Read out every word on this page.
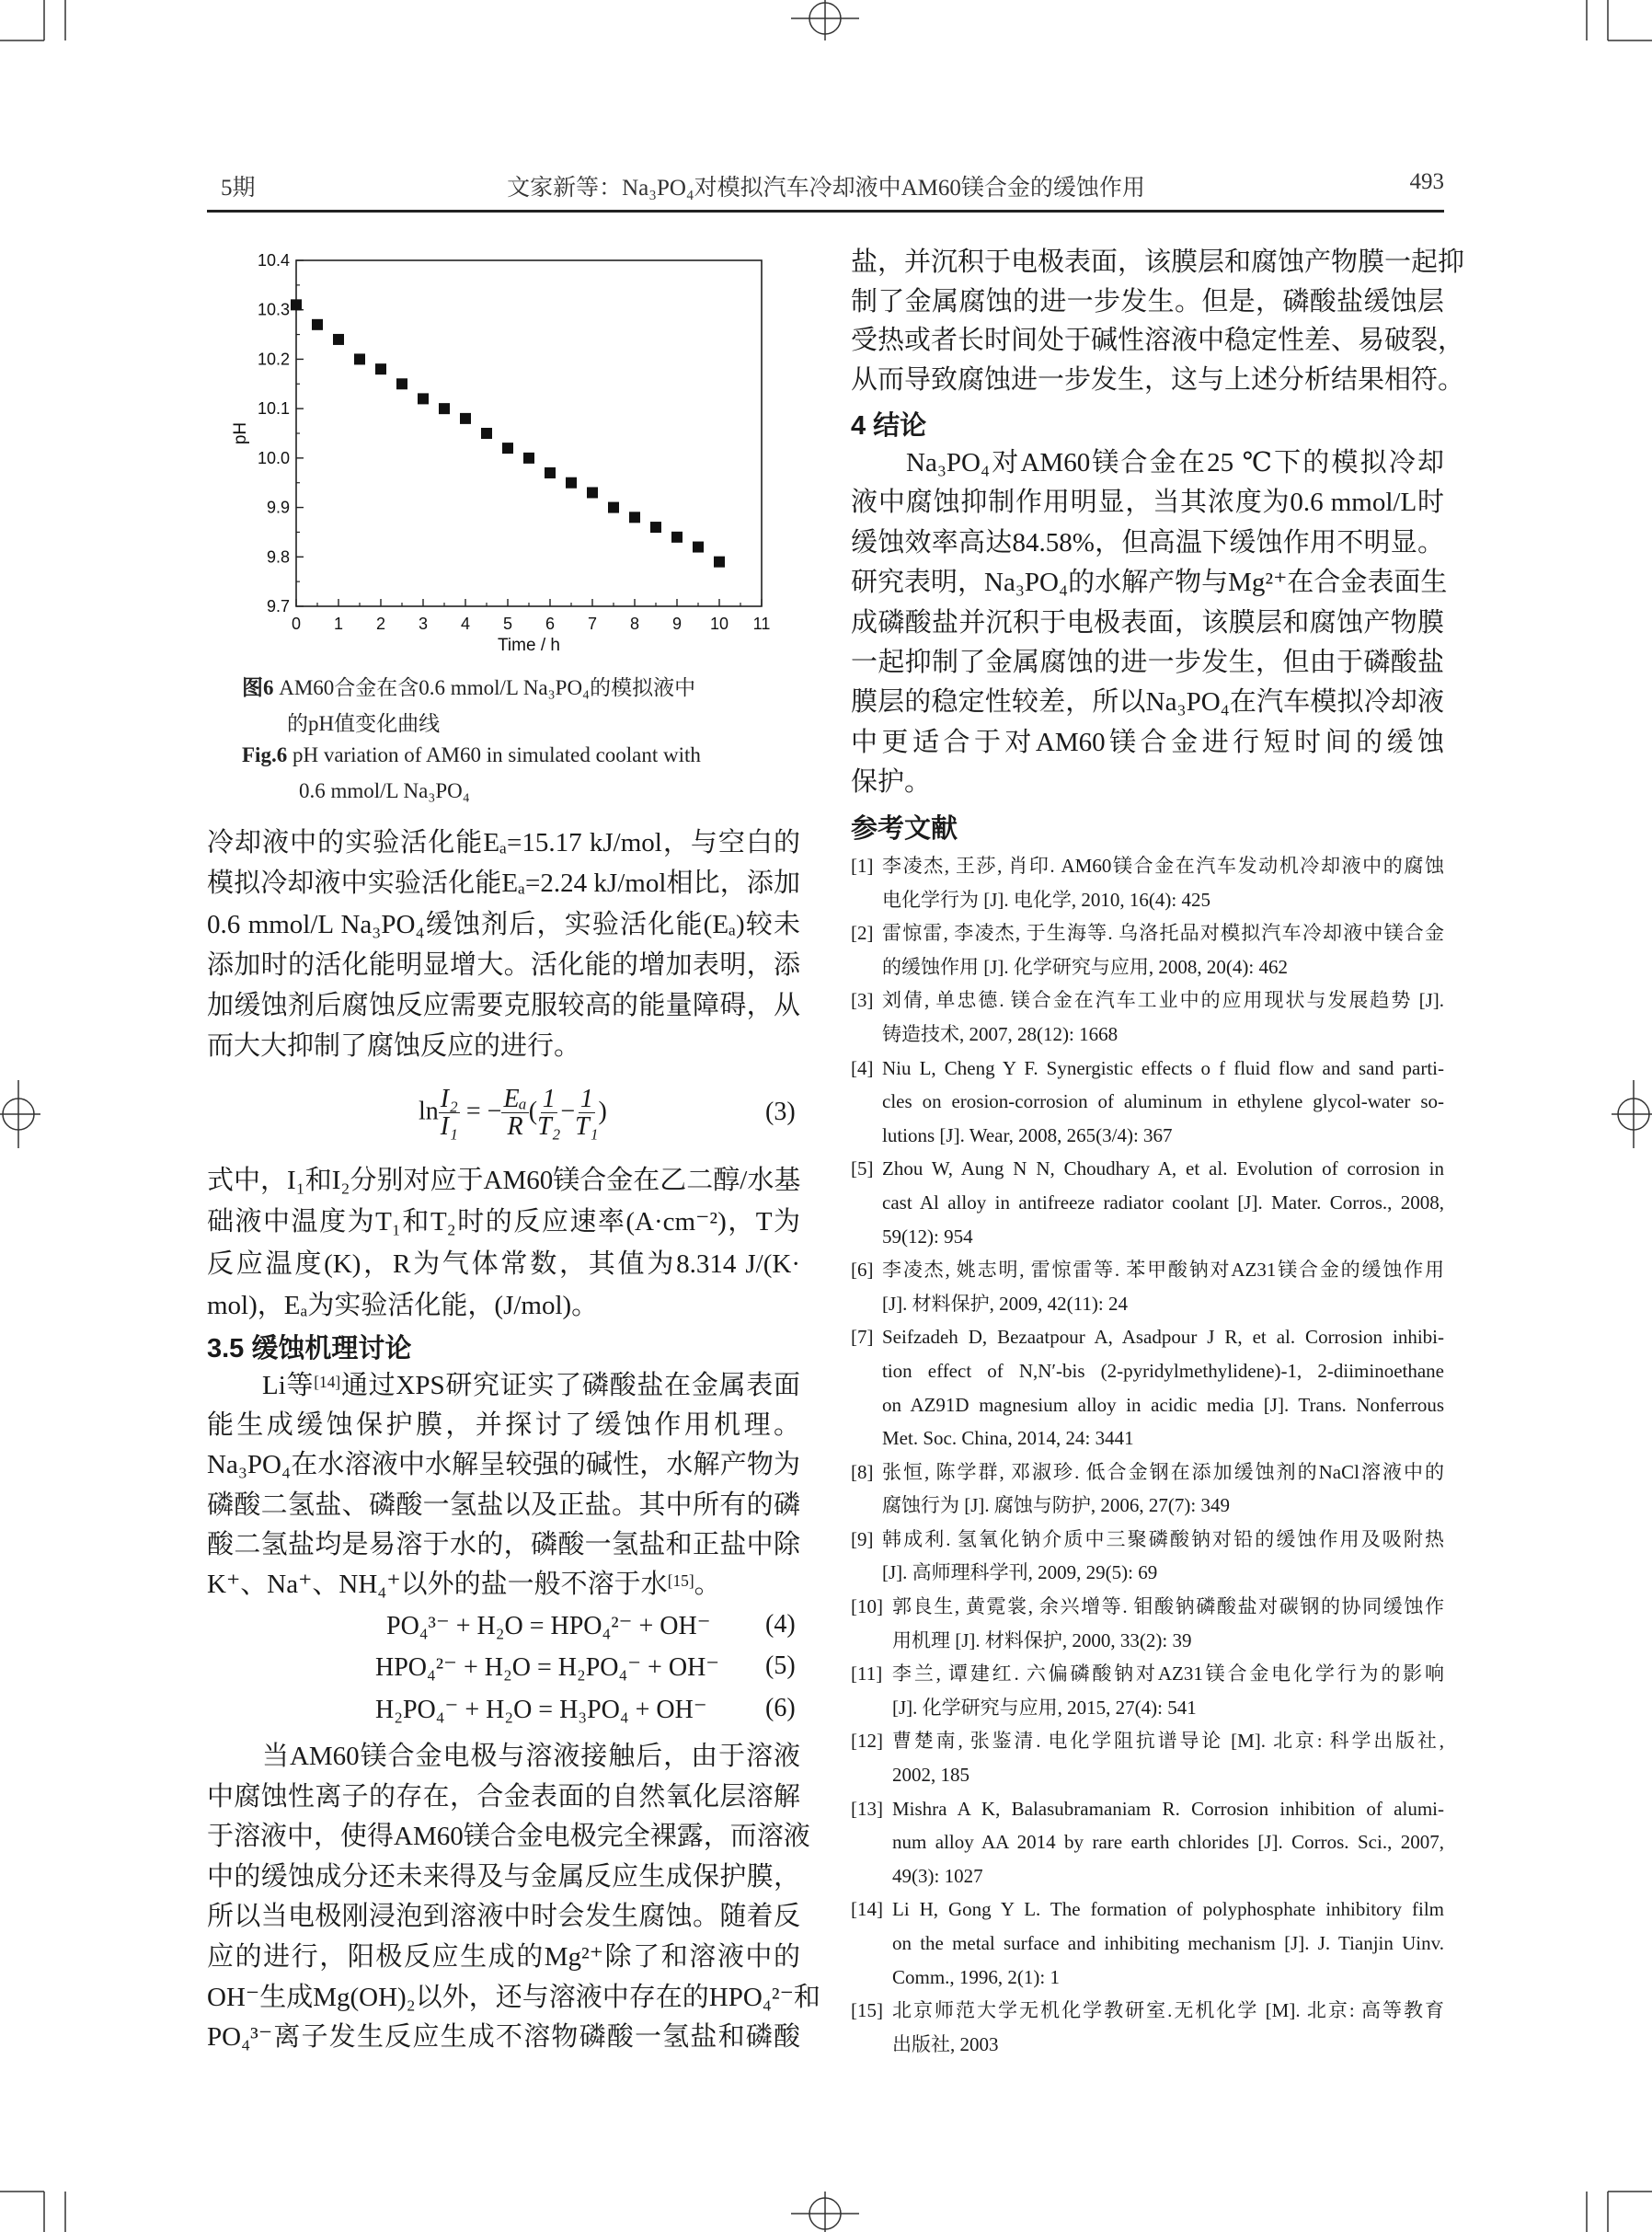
5期	文家新等：Na₃PO₄对模拟汽车冷却液中AM60镁合金的缓蚀作用	493
0 1 2 3 4 5 6 7 8 9 10 11
9.7
9.8
9.9
10.0
10.1
10.2
10.3
10.4
Time / h
pH
图6 AM60合金在含0.6 mmol/L Na₃PO₄的模拟液中
的pH值变化曲线
Fig.6 pH variation of AM60 in simulated coolant with
0.6 mmol/L Na₃PO₄
冷却液中的实验活化能Eₐ=15.17 kJ/mol，与空白的
模拟冷却液中实验活化能Eₐ=2.24 kJ/mol相比，添加
0.6 mmol/L Na₃PO₄缓蚀剂后，实验活化能(Eₐ)较未
添加时的活化能明显增大。活化能的增加表明，添
加缓蚀剂后腐蚀反应需要克服较高的能量障碍，从
而大大抑制了腐蚀反应的进行。
$\ln \frac{\text{I₂}}{\text{I₁}}$ = − $\frac{\text{Eₐ}}{R}$ ( $\frac{1}{\text{T₂}} - \frac{1}{\text{T₁}}$ )	(3)
式中，I₁和I₂分别对应于AM60镁合金在乙二醇/水基
础液中温度为T₁和T₂时的反应速率(A·cm⁻²)，T为
反应温度(K)，R为气体常数，其值为8.314 J/(K·
mol)，Eₐ为实验活化能，(J/mol)。
3.5 缓蚀机理讨论
Li等[14]通过XPS研究证实了磷酸盐在金属表面
能生成缓蚀保护膜，并探讨了缓蚀作用机理。
Na₃PO₄在水溶液中水解呈较强的碱性，水解产物为
磷酸二氢盐、磷酸一氢盐以及正盐。其中所有的磷
酸二氢盐均是易溶于水的，磷酸一氢盐和正盐中除
K⁺、Na⁺、NH₄⁺以外的盐一般不溶于水[15]。
PO₄³⁻ + H₂O = HPO₄²⁻ + OH⁻ (4)
HPO₄²⁻ + H₂O = H₂PO₄⁻ + OH⁻ (5)
H₂PO₄⁻ + H₂O = H₃PO₄ + OH⁻ (6)
当AM60镁合金电极与溶液接触后，由于溶液
中腐蚀性离子的存在，合金表面的自然氧化层溶解
于溶液中，使得AM60镁合金电极完全裸露，而溶液
中的缓蚀成分还未来得及与金属反应生成保护膜，
所以当电极刚浸泡到溶液中时会发生腐蚀。随着反
应的进行，阳极反应生成的Mg²⁺除了和溶液中的
OH⁻生成Mg(OH)₂以外，还与溶液中存在的HPO₄²⁻和
PO₄³⁻离子发生反应生成不溶物磷酸一氢盐和磷酸
盐，并沉积于电极表面，该膜层和腐蚀产物膜一起抑
制了金属腐蚀的进一步发生。但是，磷酸盐缓蚀层
受热或者长时间处于碱性溶液中稳定性差、易破裂，
从而导致腐蚀进一步发生，这与上述分析结果相符。
4 结论
Na₃PO₄对AM60镁合金在25 ℃下的模拟冷却
液中腐蚀抑制作用明显，当其浓度为0.6 mmol/L时
缓蚀效率高达84.58%，但高温下缓蚀作用不明显。
研究表明，Na₃PO₄的水解产物与Mg²⁺在合金表面生
成磷酸盐并沉积于电极表面，该膜层和腐蚀产物膜
一起抑制了金属腐蚀的进一步发生，但由于磷酸盐
膜层的稳定性较差，所以Na₃PO₄在汽车模拟冷却液
中更适合于对AM60镁合金进行短时间的缓蚀
保护。
参考文献
[1] 李凌杰, 王莎, 肖印. AM60镁合金在汽车发动机冷却液中的腐蚀
电化学行为 [J]. 电化学, 2010, 16(4): 425
[2] 雷惊雷, 李凌杰, 于生海等. 乌洛托品对模拟汽车冷却液中镁合金
的缓蚀作用 [J]. 化学研究与应用, 2008, 20(4): 462
[3] 刘倩, 单忠德. 镁合金在汽车工业中的应用现状与发展趋势 [J].
铸造技术, 2007, 28(12): 1668
[4] Niu L, Cheng Y F. Synergistic effects o f fluid flow and sand parti-
cles on erosion-corrosion of aluminum in ethylene glycol-water so-
lutions [J]. Wear, 2008, 265(3/4): 367
[5] Zhou W, Aung N N, Choudhary A, et al. Evolution of corrosion in
cast Al alloy in antifreeze radiator coolant [J]. Mater. Corros., 2008,
59(12): 954
[6] 李凌杰, 姚志明, 雷惊雷等. 苯甲酸钠对AZ31镁合金的缓蚀作用
[J]. 材料保护, 2009, 42(11): 24
[7] Seifzadeh D, Bezaatpour A, Asadpour J R, et al. Corrosion inhibi-
tion effect of N,N′-bis (2-pyridylmethylidene)-1, 2-diiminoethane
on AZ91D magnesium alloy in acidic media [J]. Trans. Nonferrous
Met. Soc. China, 2014, 24: 3441
[8] 张恒, 陈学群, 邓淑珍. 低合金钢在添加缓蚀剂的NaCl溶液中的
腐蚀行为 [J]. 腐蚀与防护, 2006, 27(7): 349
[9] 韩成利. 氢氧化钠介质中三聚磷酸钠对铅的缓蚀作用及吸附热
[J]. 高师理科学刊, 2009, 29(5): 69
[10] 郭良生, 黄霓裳, 余兴增等. 钼酸钠磷酸盐对碳钢的协同缓蚀作
用机理 [J]. 材料保护, 2000, 33(2): 39
[11] 李兰, 谭建红. 六偏磷酸钠对AZ31镁合金电化学行为的影响
[J]. 化学研究与应用, 2015, 27(4): 541
[12] 曹楚南, 张鉴清. 电化学阻抗谱导论 [M]. 北京: 科学出版社,
2002, 185
[13] Mishra A K, Balasubramaniam R. Corrosion inhibition of alumi-
num alloy AA 2014 by rare earth chlorides [J]. Corros. Sci., 2007,
49(3): 1027
[14] Li H, Gong Y L. The formation of polyphosphate inhibitory film
on the metal surface and inhibiting mechanism [J]. J. Tianjin Uinv.
Comm., 1996, 2(1): 1
[15] 北京师范大学无机化学教研室.无机化学 [M]. 北京: 高等教育
出版社, 2003
